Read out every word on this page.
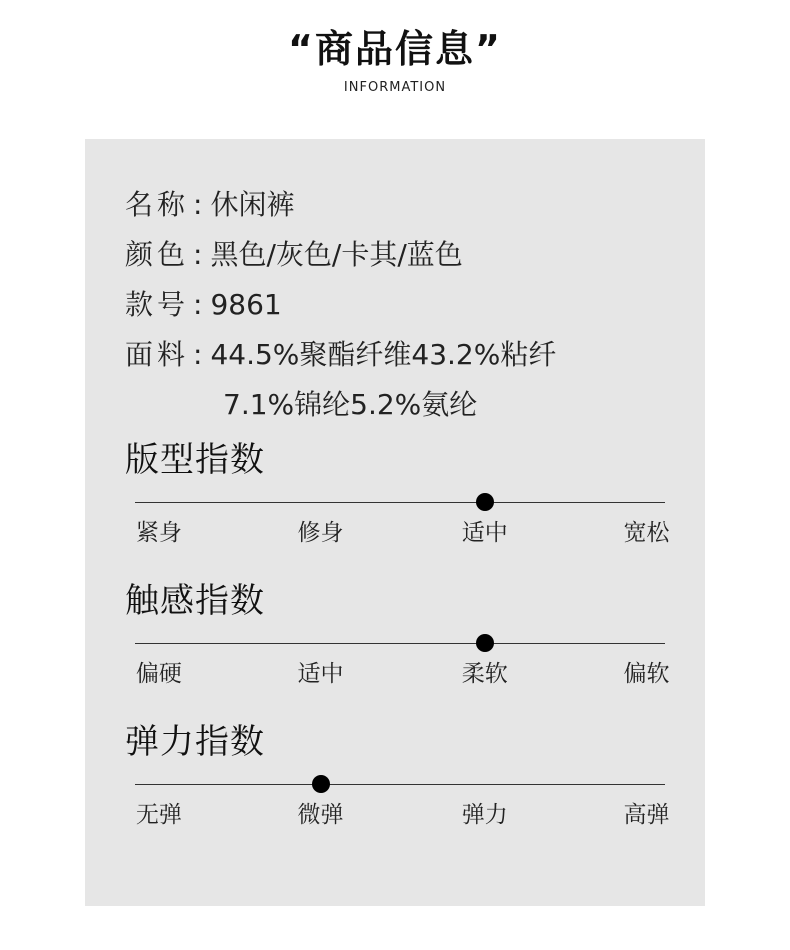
“商品信息”
INFORMATION
名称 : 休闲裤
颜色 : 黑色/灰色/卡其/蓝色
款号 : 9861
面料 : 44.5%聚酯纤维43.2%粘纤
7.1%锦纶5.2%氨纶
版型指数
紧身	修身	适中	宽松
触感指数
偏硬	适中	柔软	偏软
弹力指数
无弹	微弹	弹力	高弹
